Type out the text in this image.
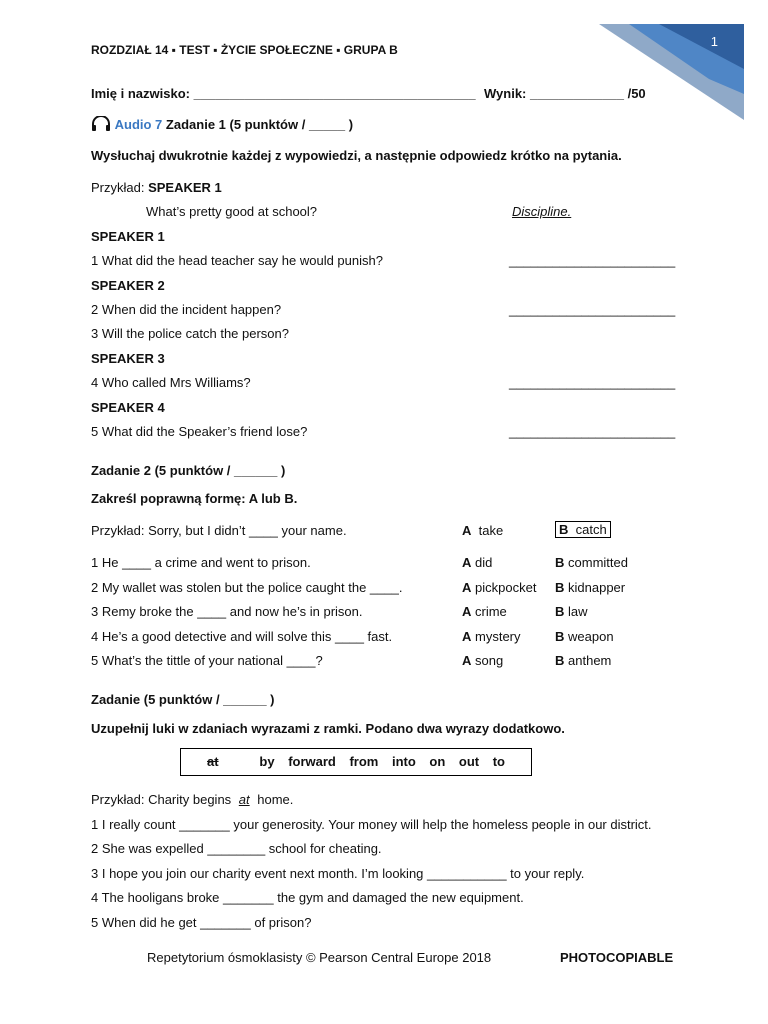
1
ROZDZIAŁ 14 ▪ TEST ▪ ŻYCIE SPOŁECZNE ▪ GRUPA B
Imię i nazwisko: _______________________________________ Wynik: _____________ /50
Audio 7 Zadanie 1 (5 punktów / _____ )
Wysłuchaj dwukrotnie każdej z wypowiedzi, a następnie odpowiedz krótko na pytania.
Przykład: SPEAKER 1
What’s pretty good at school?	Discipline.
SPEAKER 1
1 What did the head teacher say he would punish?	_______________________
SPEAKER 2
2 When did the incident happen?	_______________________
3 Will the police catch the person?
SPEAKER 3
4 Who called Mrs Williams?	_______________________
SPEAKER 4
5 What did the Speaker’s friend lose?	_______________________
Zadanie 2 (5 punktów / ______ )
Zakreśl poprawną formę: A lub B.
Przykład: Sorry, but I didn’t ____ your name.	A take	B catch
1 He ____ a crime and went to prison.	A did	B committed
2 My wallet was stolen but the police caught the ____.	A pickpocket B kidnapper
3 Remy broke the ____ and now he’s in prison.	A crime	B law
4 He’s a good detective and will solve this ____ fast.	A mystery	B weapon
5 What’s the tittle of your national ____?	A song	B anthem
Zadanie (5 punktów / ______ )
Uzupełnij luki w zdaniach wyrazami z ramki. Podano dwa wyrazy dodatkowo.
at	by forward from into on out to
Przykład: Charity begins at home.
1 I really count _______ your generosity. Your money will help the homeless people in our district.
2 She was expelled ________ school for cheating.
3 I hope you join our charity event next month. I’m looking ___________ to your reply.
4 The hooligans broke _______ the gym and damaged the new equipment.
5 When did he get _______ of prison?
Repetytorium ósmoklasisty © Pearson Central Europe 2018	PHOTOCOPIABLE
